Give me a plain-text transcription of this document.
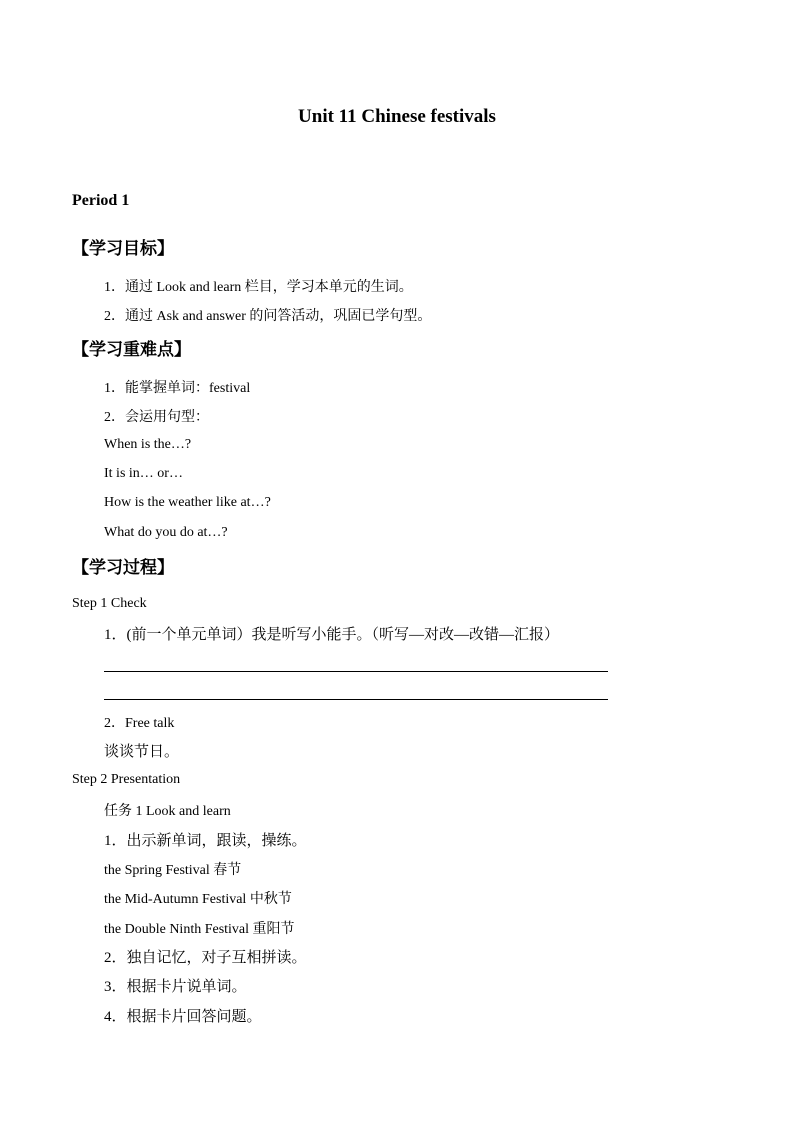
Unit 11 Chinese festivals
Period 1
【学习目标】
1．通过 Look and learn 栏目，学习本单元的生词。
2．通过 Ask and answer 的问答活动，巩固已学句型。
【学习重难点】
1．能掌握单词：festival
2．会运用句型：
When is the…?
It is in… or…
How is the weather like at…?
What do you do at…?
【学习过程】
Step 1 Check
1．(前一个单元单词）我是听写小能手。（听写—对改—改错—汇报）
2．Free talk
谈谈节日。
Step 2 Presentation
任务 1 Look and learn
1．出示新单词，跟读，操练。
the Spring Festival 春节
the Mid-Autumn Festival 中秋节
the Double Ninth Festival 重阳节
2．独自记忆，对子互相拼读。
3．根据卡片说单词。
4．根据卡片回答问题。
